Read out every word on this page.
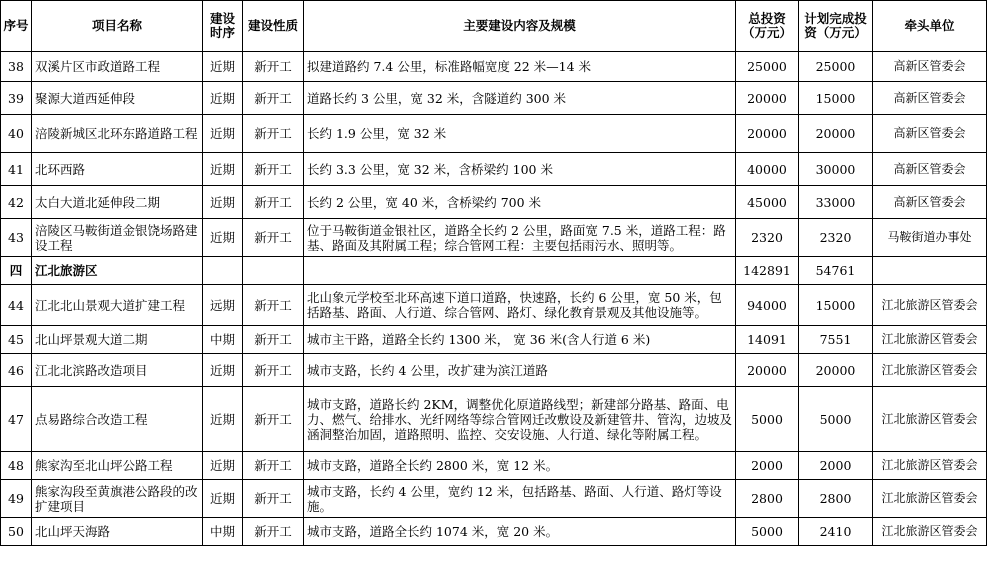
序号	项目名称	建设时序	建设性质	主要建设内容及规模	总投资（万元）	计划完成投　资（万元）	牵头单位
38	双溪片区市政道路工程	近期	新开工	拟建道路约 7.4 公里，标准路幅宽度 22 米—14 米	25000	25000	高新区管委会
39	聚源大道西延伸段	近期	新开工	道路长约 3 公里，宽 32 米，含隧道约 300 米	20000	15000	高新区管委会
40	涪陵新城区北环东路道路工程	近期	新开工	长约 1.9 公里，宽 32 米	20000	20000	高新区管委会
41	北环西路	近期	新开工	长约 3.3 公里，宽 32 米，含桥梁约 100 米	40000	30000	高新区管委会
42	太白大道北延伸段二期	近期	新开工	长约 2 公里，宽 40 米，含桥梁约 700 米	45000	33000	高新区管委会
43	涪陵区马鞍街道金银饶场路建设工程	近期	新开工	位于马鞍街道金银社区，道路全长约 2 公里，路面宽 7.5 米，道路工程：路基、路面及其附属工程；综合管网工程：主要包括雨污水、照明等。	2320	2320	马鞍街道办事处
四	江北旅游区				142891	54761	
44	江北北山景观大道扩建工程	远期	新开工	北山象元学校至北环高速下道口道路，快速路，长约 6 公里，宽 50 米，包括路基、路面、人行道、综合管网、路灯、绿化教育景观及其他设施等。	94000	15000	江北旅游区管委会
45	北山坪景观大道二期	中期	新开工	城市主干路，道路全长约 1300 米， 宽 36 米(含人行道 6 米)	14091	7551	江北旅游区管委会
46	江北北滨路改造项目	近期	新开工	城市支路，长约 4 公里，改扩建为滨江道路	20000	20000	江北旅游区管委会
47	点易路综合改造工程	近期	新开工	城市支路，道路长约 2KM，调整优化原道路线型；新建部分路基、路面、电力、燃气、给排水、光纤网络等综合管网迁改敷设及新建管井、管沟，边坡及涵洞整治加固，道路照明、监控、交安设施、人行道、绿化等附属工程。	5000	5000	江北旅游区管委会
48	熊家沟至北山坪公路工程	近期	新开工	城市支路，道路全长约 2800 米，宽 12 米。	2000	2000	江北旅游区管委会
49	熊家沟段至黄旗港公路段的改扩建项目	近期	新开工	城市支路，长约 4 公里，宽约 12 米，包括路基、路面、人行道、路灯等设施。	2800	2800	江北旅游区管委会
50	北山坪天海路	中期	新开工	城市支路，道路全长约 1074 米，宽 20 米。	5000	2410	江北旅游区管委会
